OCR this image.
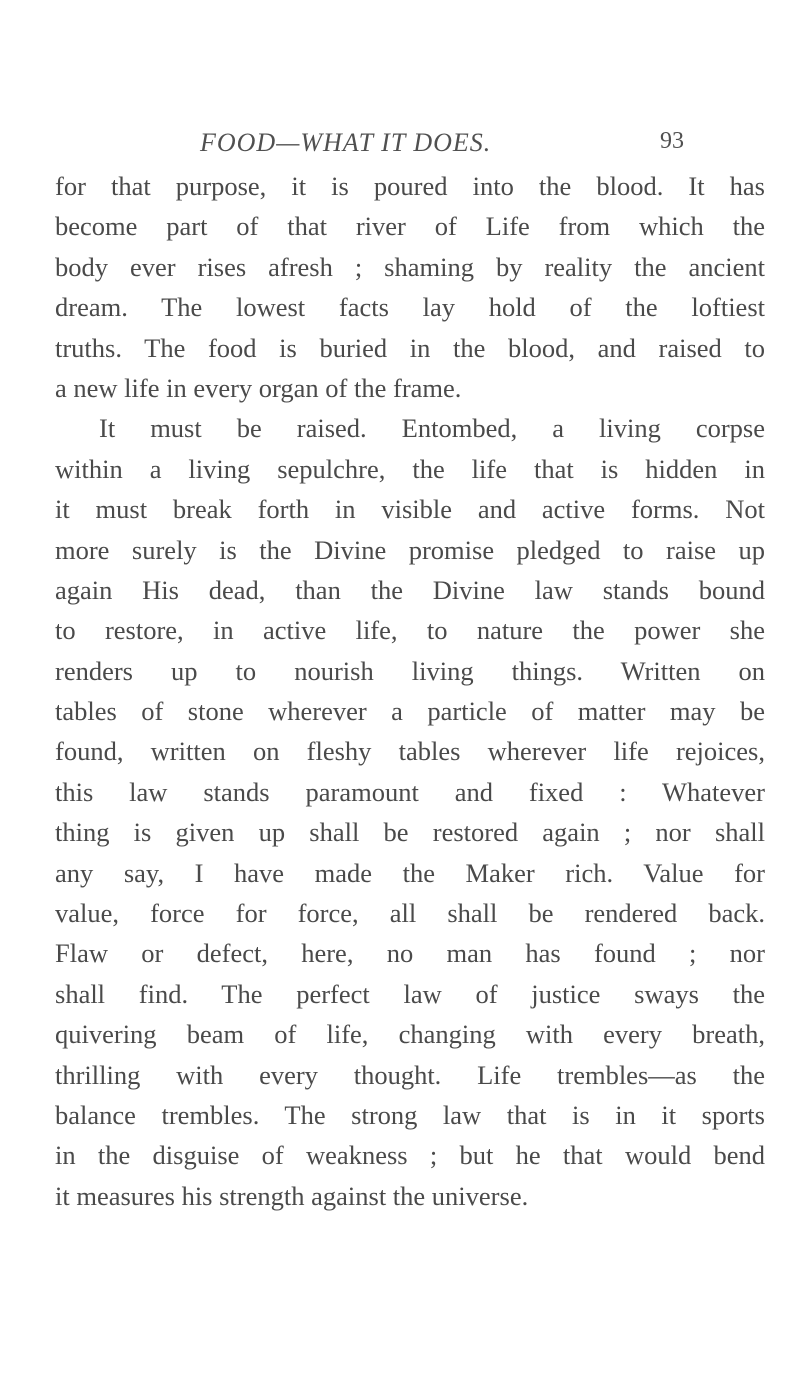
FOOD—WHAT IT DOES.	93
for that purpose, it is poured into the blood. It has
become part of that river of Life from which the
body ever rises afresh ; shaming by reality the ancient
dream. The lowest facts lay hold of the loftiest
truths. The food is buried in the blood, and raised to
a new life in every organ of the frame.
It must be raised. Entombed, a living corpse
within a living sepulchre, the life that is hidden in
it must break forth in visible and active forms. Not
more surely is the Divine promise pledged to raise up
again His dead, than the Divine law stands bound
to restore, in active life, to nature the power she
renders up to nourish living things. Written on
tables of stone wherever a particle of matter may be
found, written on fleshy tables wherever life rejoices,
this law stands paramount and fixed : Whatever
thing is given up shall be restored again ; nor shall
any say, I have made the Maker rich. Value for
value, force for force, all shall be rendered back.
Flaw or defect, here, no man has found ; nor
shall find. The perfect law of justice sways the
quivering beam of life, changing with every breath,
thrilling with every thought. Life trembles—as the
balance trembles. The strong law that is in it sports
in the disguise of weakness ; but he that would bend
it measures his strength against the universe.
